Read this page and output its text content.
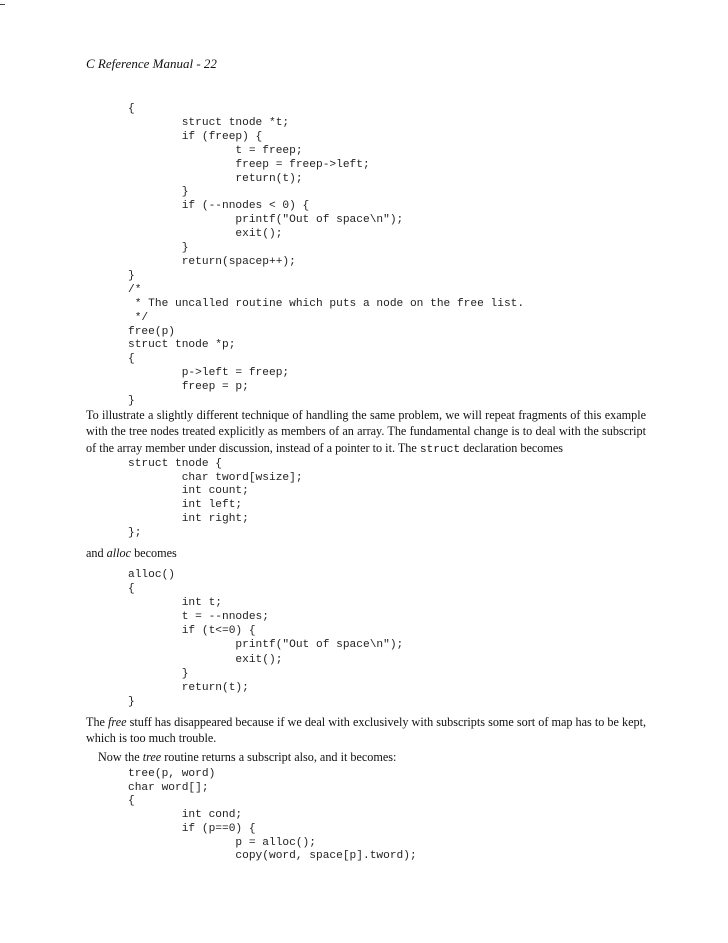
C Reference Manual - 22
{
struct tnode *t;
if (freep) {
t = freep;
freep = freep->left;
return(t);
}
if (--nnodes < 0) {
printf("Out of space\n");
exit();
}
return(spacep++);
}
/*
* The uncalled routine which puts a node on the free list.
*/
free(p)
struct tnode *p;
{
p->left = freep;
freep = p;
}

To illustrate a slightly different technique of handling the same problem, we will repeat fragments of this example with the tree nodes treated explicitly as members of an array. The fundamental change is to deal with the subscript of the array member under discussion, instead of a pointer to it. The struct declaration becomes

struct tnode {
char tword[wsize];
int count;
int left;
int right;
};

and alloc becomes

alloc()
{
int t;
t = --nnodes;
if (t<=0) {
printf("Out of space\n");
exit();
}
return(t);
}

The free stuff has disappeared because if we deal with exclusively with subscripts some sort of map has to be kept, which is too much trouble.

Now the tree routine returns a subscript also, and it becomes:

tree(p, word)
char word[];
{
int cond;
if (p==0) {
p = alloc();
copy(word, space[p].tword);
